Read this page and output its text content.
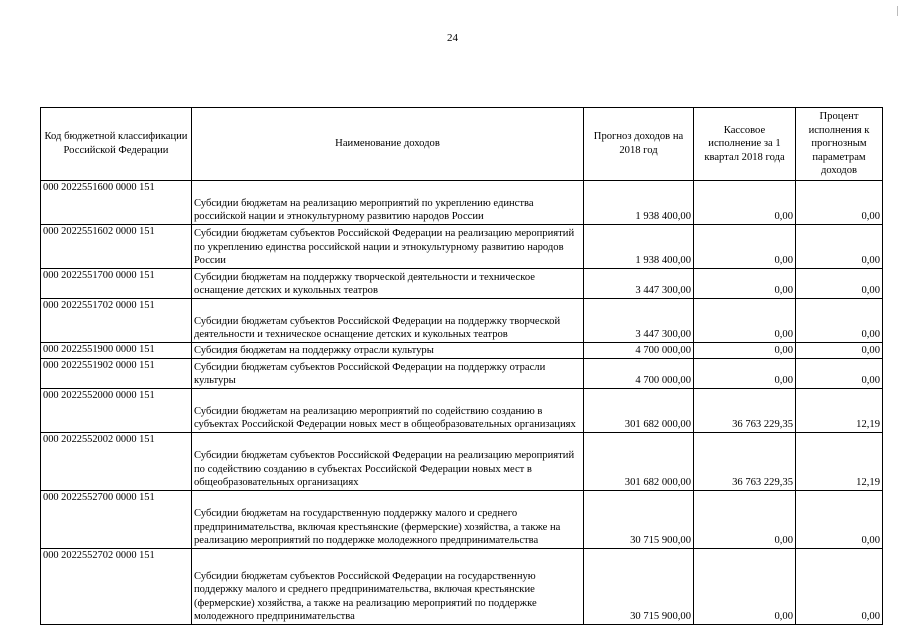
24
Код бюджетной классификации Российской Федерации	Наименование доходов	Прогноз доходов на 2018 год	Кассовое исполнение за 1 квартал 2018 года	Процент исполнения к прогнозным параметрам доходов
000 2022551600 0000 151	Субсидии бюджетам на реализацию мероприятий по укреплению единства российской нации и этнокультурному развитию народов России	1 938 400,00	0,00	0,00
000 2022551602 0000 151	Субсидии бюджетам субъектов Российской Федерации на реализацию мероприятий по укреплению единства российской нации и этнокультурному развитию народов России	1 938 400,00	0,00	0,00
000 2022551700 0000 151	Субсидии бюджетам на поддержку творческой деятельности и техническое оснащение детских и кукольных театров	3 447 300,00	0,00	0,00
000 2022551702 0000 151	Субсидии бюджетам субъектов Российской Федерации на поддержку творческой деятельности и техническое оснащение детских и кукольных театров	3 447 300,00	0,00	0,00
000 2022551900 0000 151	Субсидия бюджетам на поддержку отрасли культуры	4 700 000,00	0,00	0,00
000 2022551902 0000 151	Субсидии бюджетам субъектов Российской Федерации на поддержку отрасли культуры	4 700 000,00	0,00	0,00
000 2022552000 0000 151	Субсидии бюджетам на реализацию мероприятий по содействию созданию в субъектах Российской Федерации новых мест в общеобразовательных организациях	301 682 000,00	36 763 229,35	12,19
000 2022552002 0000 151	Субсидии бюджетам субъектов Российской Федерации на реализацию мероприятий по содействию созданию в субъектах Российской Федерации новых мест в общеобразовательных организациях	301 682 000,00	36 763 229,35	12,19
000 2022552700 0000 151	Субсидии бюджетам на государственную поддержку малого и среднего предпринимательства, включая крестьянские (фермерские) хозяйства, а также на реализацию мероприятий по поддержке молодежного предпринимательства	30 715 900,00	0,00	0,00
000 2022552702 0000 151	Субсидии бюджетам субъектов Российской Федерации на государственную поддержку малого и среднего предпринимательства, включая крестьянские (фермерские) хозяйства, а также на реализацию мероприятий по поддержке молодежного предпринимательства	30 715 900,00	0,00	0,00
